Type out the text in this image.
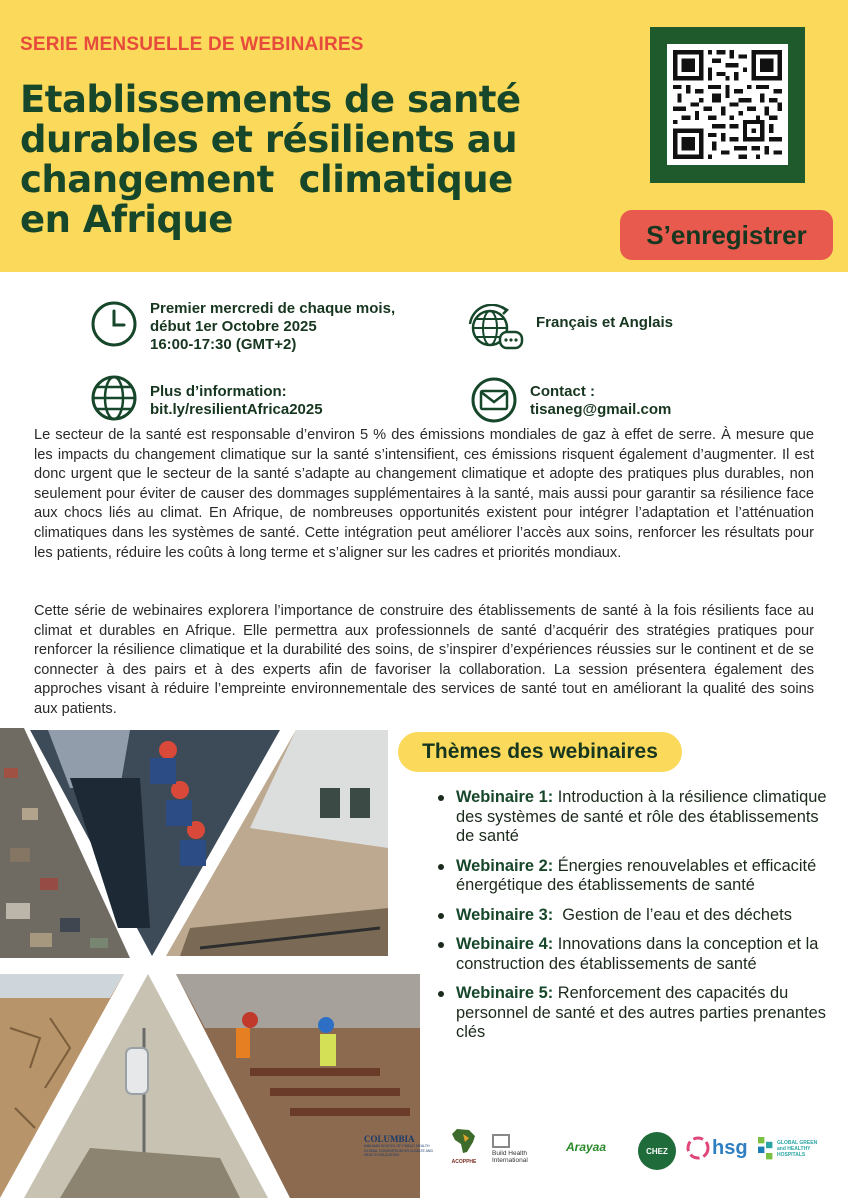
SERIE MENSUELLE DE WEBINAIRES
Etablissements de santé
durables et résilients au
changement  climatique
en Afrique	S’enregistrer
Premier mercredi de chaque mois,
début 1er Octobre 2025
16:00-17:30 (GMT+2)
Français et Anglais
Plus d’information:
bit.ly/resilientAfrica2025
Contact :
tisaneg@gmail.com

Le secteur de la santé est responsable d’environ 5 % des émissions mondiales de gaz à effet de serre. À mesure que les impacts du changement climatique sur la santé s’intensifient, ces émissions risquent également d’augmenter. Il est donc urgent que le secteur de la santé s’adapte au changement climatique et adopte des pratiques plus durables, non seulement pour éviter de causer des dommages supplémentaires à la santé, mais aussi pour garantir sa résilience face aux chocs liés au climat. En Afrique, de nombreuses opportunités existent pour intégrer l’adaptation et l’atténuation climatiques dans les systèmes de santé. Cette intégration peut améliorer l’accès aux soins, renforcer les résultats pour les patients, réduire les coûts à long terme et s’aligner sur les cadres et priorités mondiaux.

Cette série de webinaires explorera l’importance de construire des établissements de santé à la fois résilients face au climat et durables en Afrique. Elle permettra aux professionnels de santé d’acquérir des stratégies pratiques pour renforcer la résilience climatique et la durabilité des soins, de s’inspirer d’expériences réussies sur le continent et de se connecter à des pairs et à des experts afin de favoriser la collaboration. La session présentera également des approches visant à réduire l’empreinte environnementale des services de santé tout en améliorant la qualité des soins aux patients.

Thèmes des webinaires
Webinaire 1: Introduction à la résilience climatique des systèmes de santé et rôle des établissements de santé
Webinaire 2: Énergies renouvelables et efficacité énergétique des établissements de santé
Webinaire 3:  Gestion de l’eau et des déchets
Webinaire 4: Innovations dans la conception et la construction des établissements de santé
Webinaire 5: Renforcement des capacités du personnel de santé et des autres parties prenantes clés
COLUMBIA
MAILMAN SCHOOL OF PUBLIC HEALTH
GLOBAL CONSORTIUM ON CLIMATE AND HEALTH EDUCATION
ACOPPHE
Build Health International
Arayaa	CHEZ	hsg	GLOBAL GREEN and HEALTHY HOSPITALS
